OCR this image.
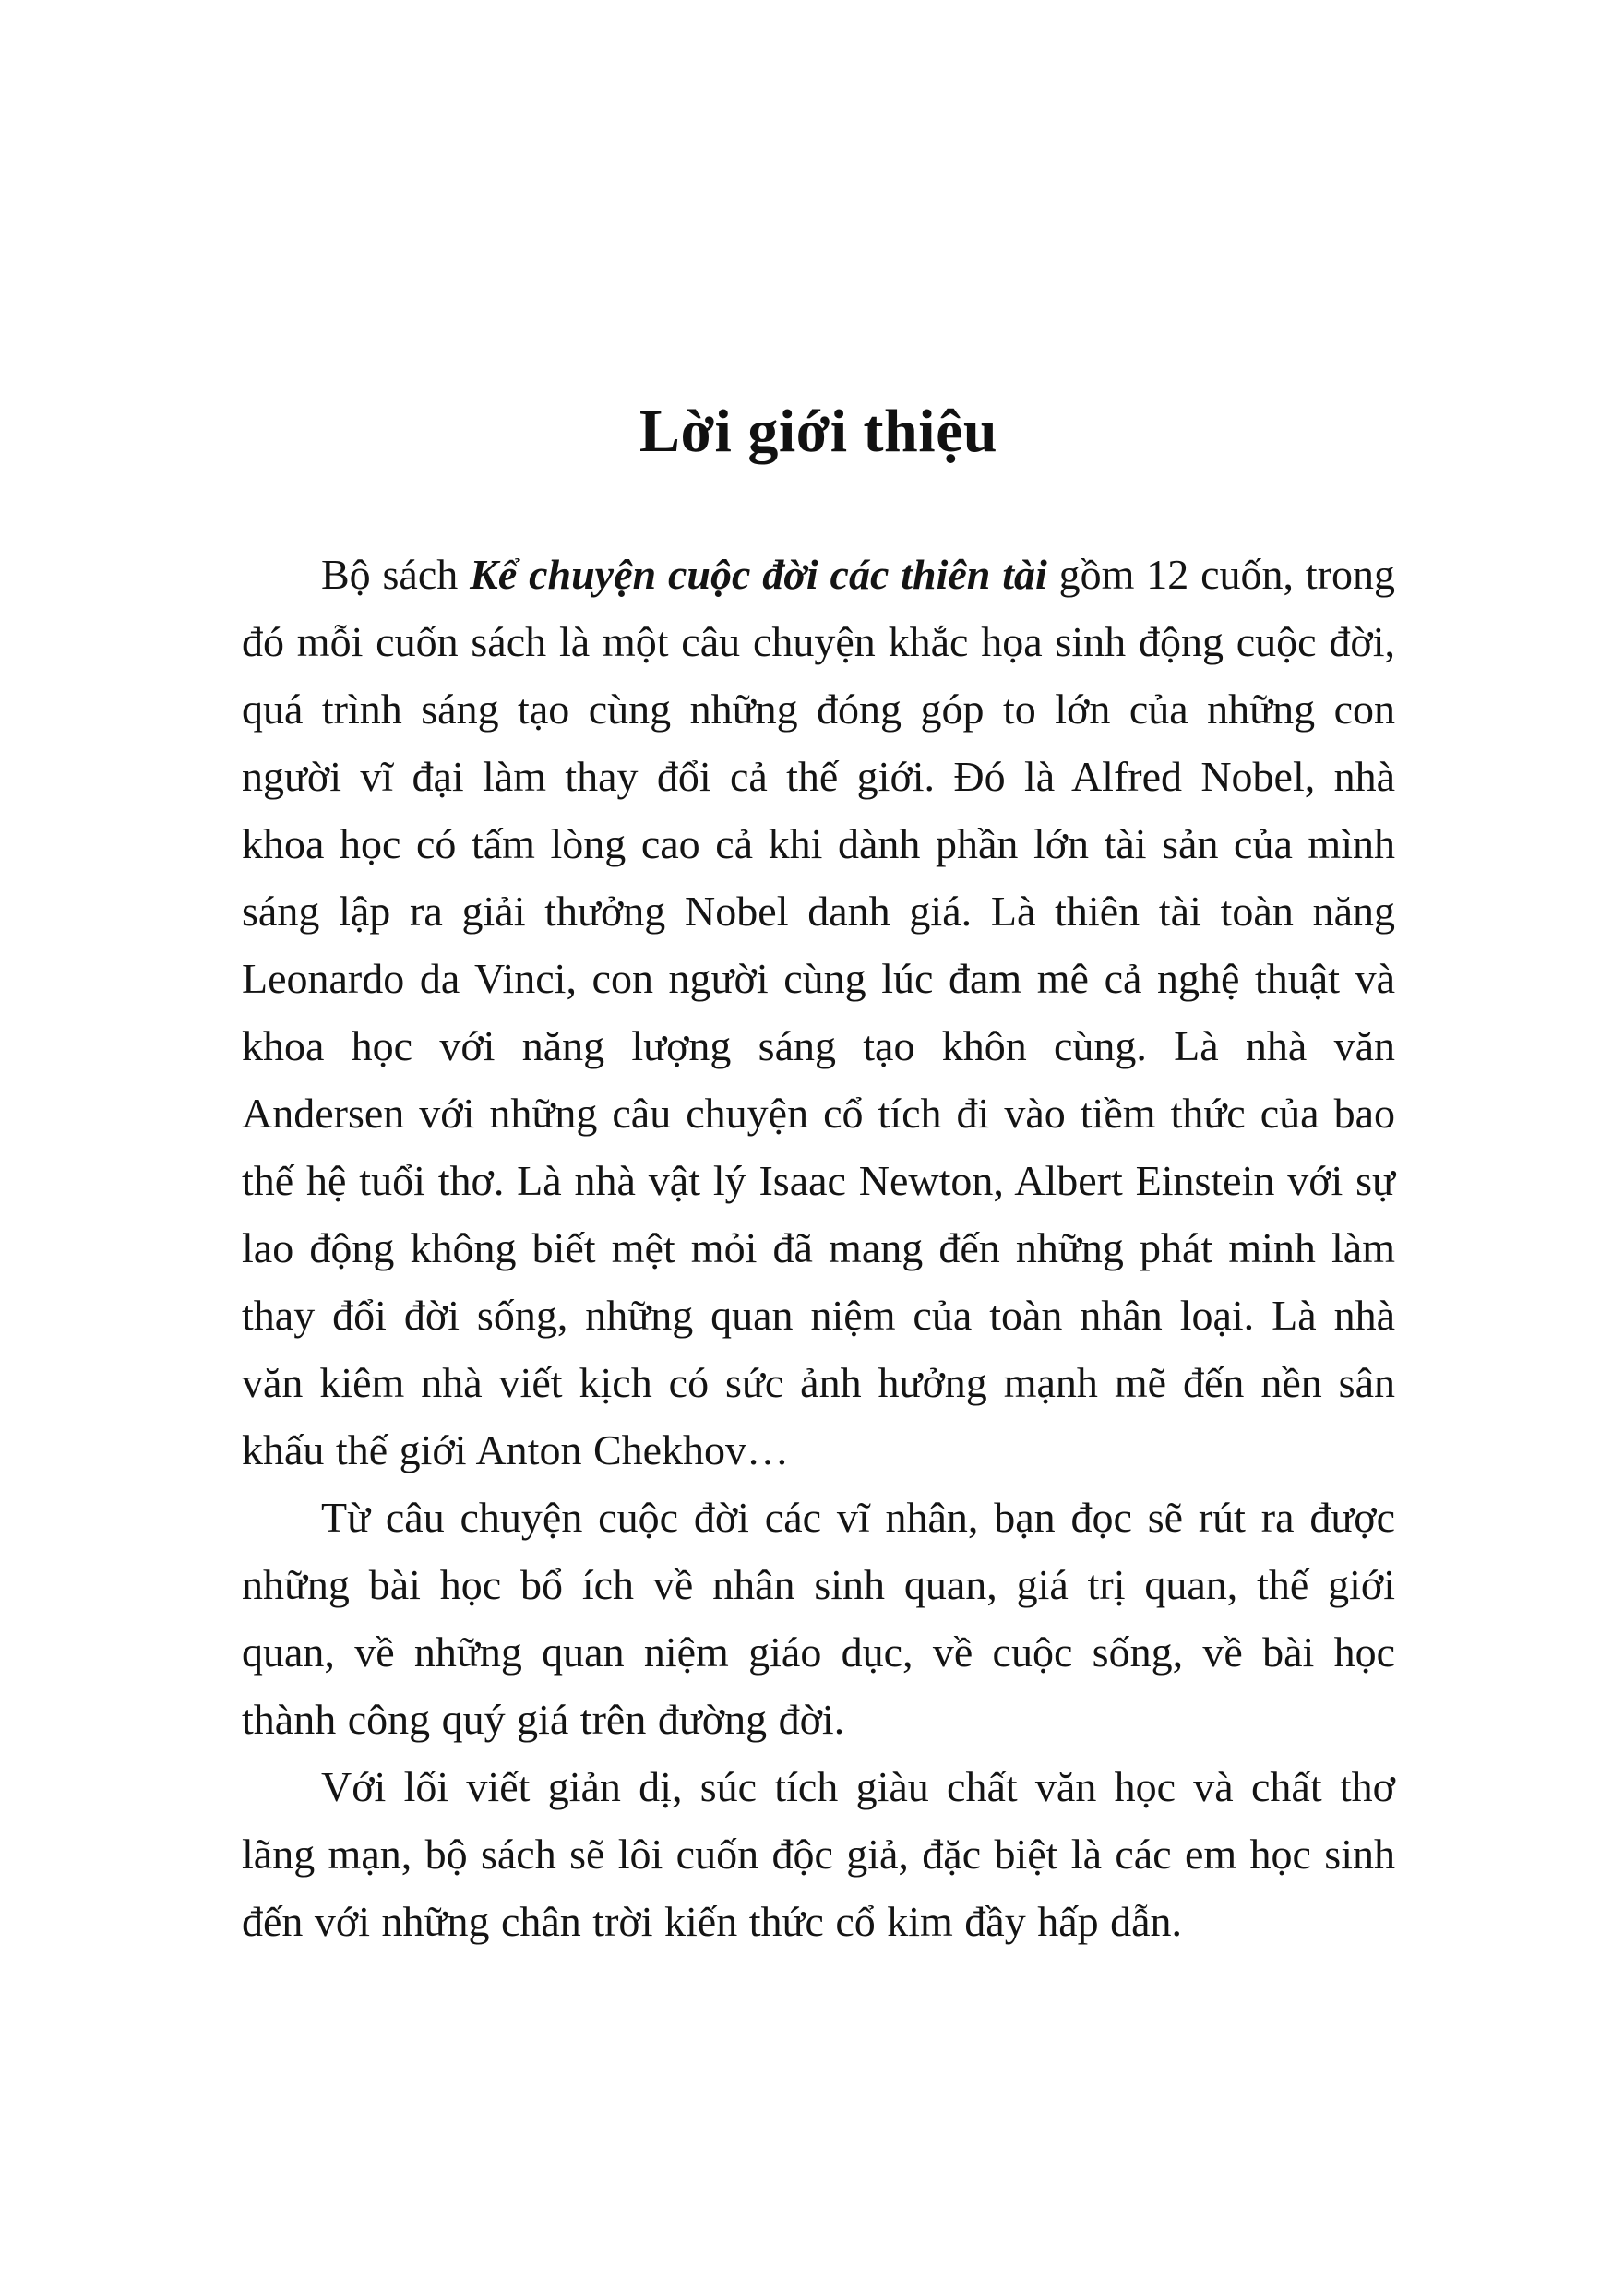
Lời giới thiệu

Bộ sách Kể chuyện cuộc đời các thiên tài gồm 12 cuốn, trong đó mỗi cuốn sách là một câu chuyện khắc họa sinh động cuộc đời, quá trình sáng tạo cùng những đóng góp to lớn của những con người vĩ đại làm thay đổi cả thế giới. Đó là Alfred Nobel, nhà khoa học có tấm lòng cao cả khi dành phần lớn tài sản của mình sáng lập ra giải thưởng Nobel danh giá. Là thiên tài toàn năng Leonardo da Vinci, con người cùng lúc đam mê cả nghệ thuật và khoa học với năng lượng sáng tạo khôn cùng. Là nhà văn Andersen với những câu chuyện cổ tích đi vào tiềm thức của bao thế hệ tuổi thơ. Là nhà vật lý Isaac Newton, Albert Einstein với sự lao động không biết mệt mỏi đã mang đến những phát minh làm thay đổi đời sống, những quan niệm của toàn nhân loại. Là nhà văn kiêm nhà viết kịch có sức ảnh hưởng mạnh mẽ đến nền sân khấu thế giới Anton Chekhov…

Từ câu chuyện cuộc đời các vĩ nhân, bạn đọc sẽ rút ra được những bài học bổ ích về nhân sinh quan, giá trị quan, thế giới quan, về những quan niệm giáo dục, về cuộc sống, về bài học thành công quý giá trên đường đời.

Với lối viết giản dị, súc tích giàu chất văn học và chất thơ lãng mạn, bộ sách sẽ lôi cuốn độc giả, đặc biệt là các em học sinh đến với những chân trời kiến thức cổ kim đầy hấp dẫn.
